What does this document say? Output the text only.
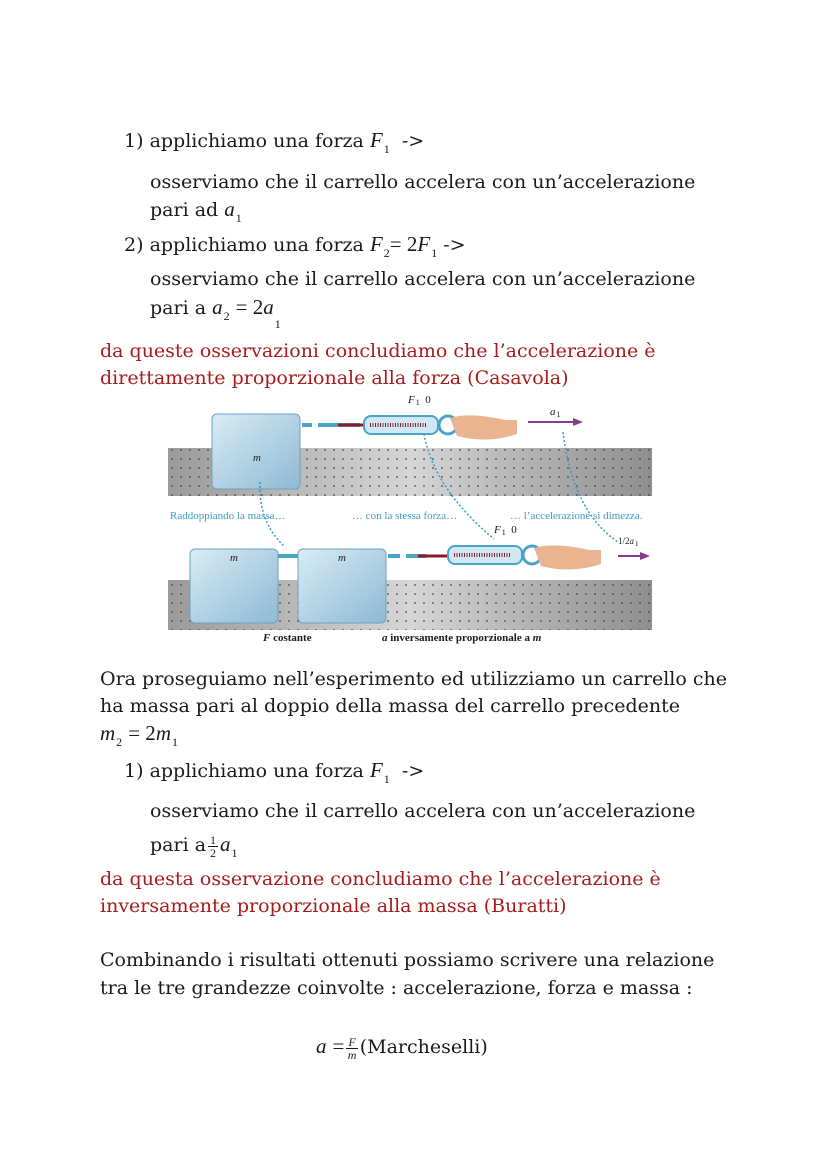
1) applichiamo una forza $F_1$ ->
osserviamo che il carrello accelera con un’accelerazione
pari ad $a_1$
2) applichiamo una forza $F_2= 2F_1$ ->
osserviamo che il carrello accelera con un’accelerazione
pari a $a_2 = 2a_1$
da queste osservazioni concludiamo che l’accelerazione è
direttamente proporzionale alla forza (Casavola)
$F_1$ 0
$a_1$
m
Raddoppiando la massa…	… con la stessa forza…	… l’accelerazione si dimezza.
$F_1$ 0
$1/2a_1$
m	m
F costante	a inversamente proporzionale a m
Ora proseguiamo nell’esperimento ed utilizziamo un carrello che
ha massa pari al doppio della massa del carrello precedente
$m_2 = 2m_1$
1) applichiamo una forza $F_1$ ->
osserviamo che il carrello accelera con un’accelerazione
pari a $\frac{1}{2} a_1$
da questa osservazione concludiamo che l’accelerazione è
inversamente proporzionale alla massa (Buratti)
Combinando i risultati ottenuti possiamo scrivere una relazione
tra le tre grandezze coinvolte : accelerazione, forza e massa :
$a = \frac{F}{m}$ (Marcheselli)
